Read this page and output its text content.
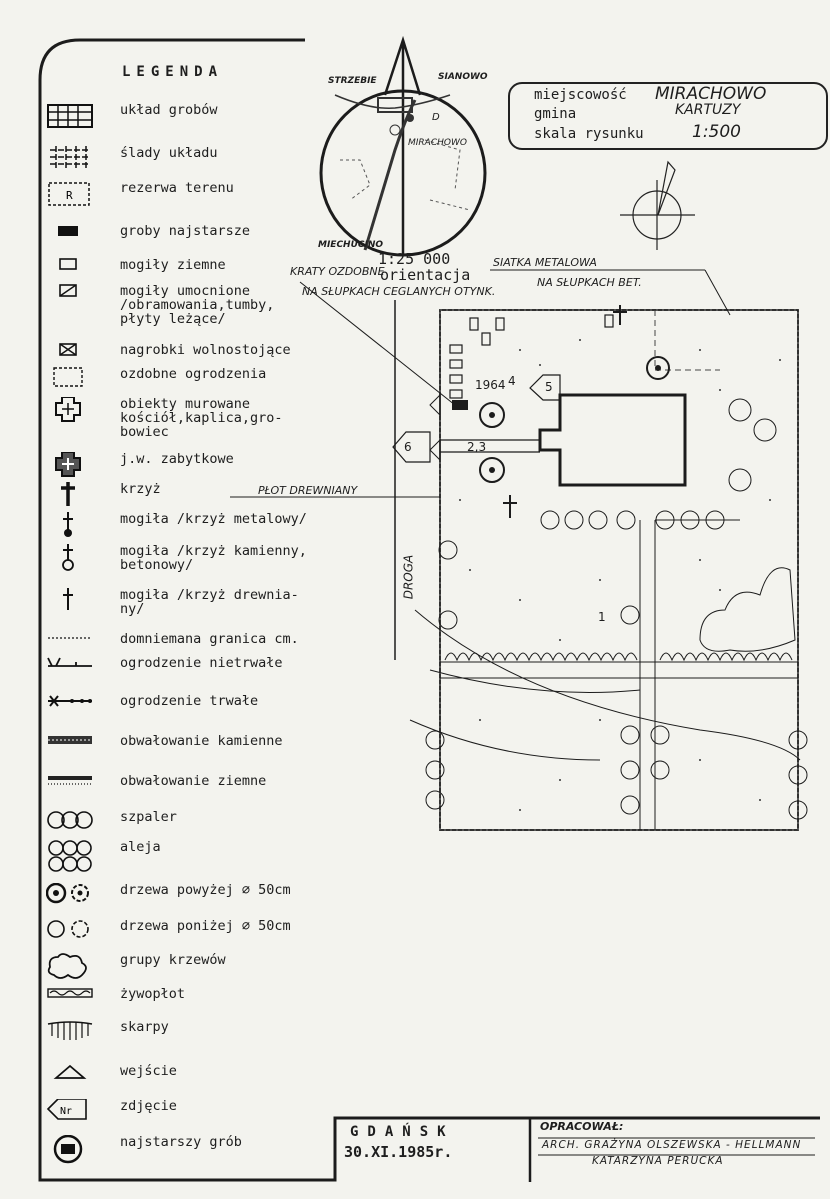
LEGENDA
układ grobów
ślady układu
R	rezerwa terenu
groby najstarsze
mogiły ziemne
mogiły umocnione
/obramowania,tumby,
płyty leżące/
nagrobki wolnostojące
ozdobne ogrodzenia
obiekty murowane
kościół,kaplica,gro-
bowiec
j.w. zabytkowe
krzyż
mogiła /krzyż metalowy/
mogiła /krzyż kamienny,
betonowy/
mogiła /krzyż drewnia-
ny/
domniemana granica cm.
ogrodzenie nietrwałe
ogrodzenie trwałe
obwałowanie kamienne
obwałowanie ziemne
szpaler
aleja
drzewa powyżej ⌀ 50cm
drzewa poniżej ⌀ 50cm
grupy krzewów
żywopłot
skarpy
wejście
Nr	zdjęcie
najstarszy grób
miejscowość MIRACHOWO
gmina	KARTUZY
skala rysunku	1:500
STRZEBIE	SIANOWO
MIRACHOWO
MIECHUCINO
D
1:25 000
orientacja
KRATY OZDOBNE
NA SŁUPKACH CEGLANYCH OTYNK.
SIATKA METALOWA
NA SŁUPKACH BET.
PŁOT DREWNIANY
DROGA
1964 4 5
6	2,3
1
GDAŃSK
30.XI.1985r.
OPRACOWAŁ:
ARCH. GRAŻYNA OLSZEWSKA - HELLMANN
KATARZYNA PERUCKA
